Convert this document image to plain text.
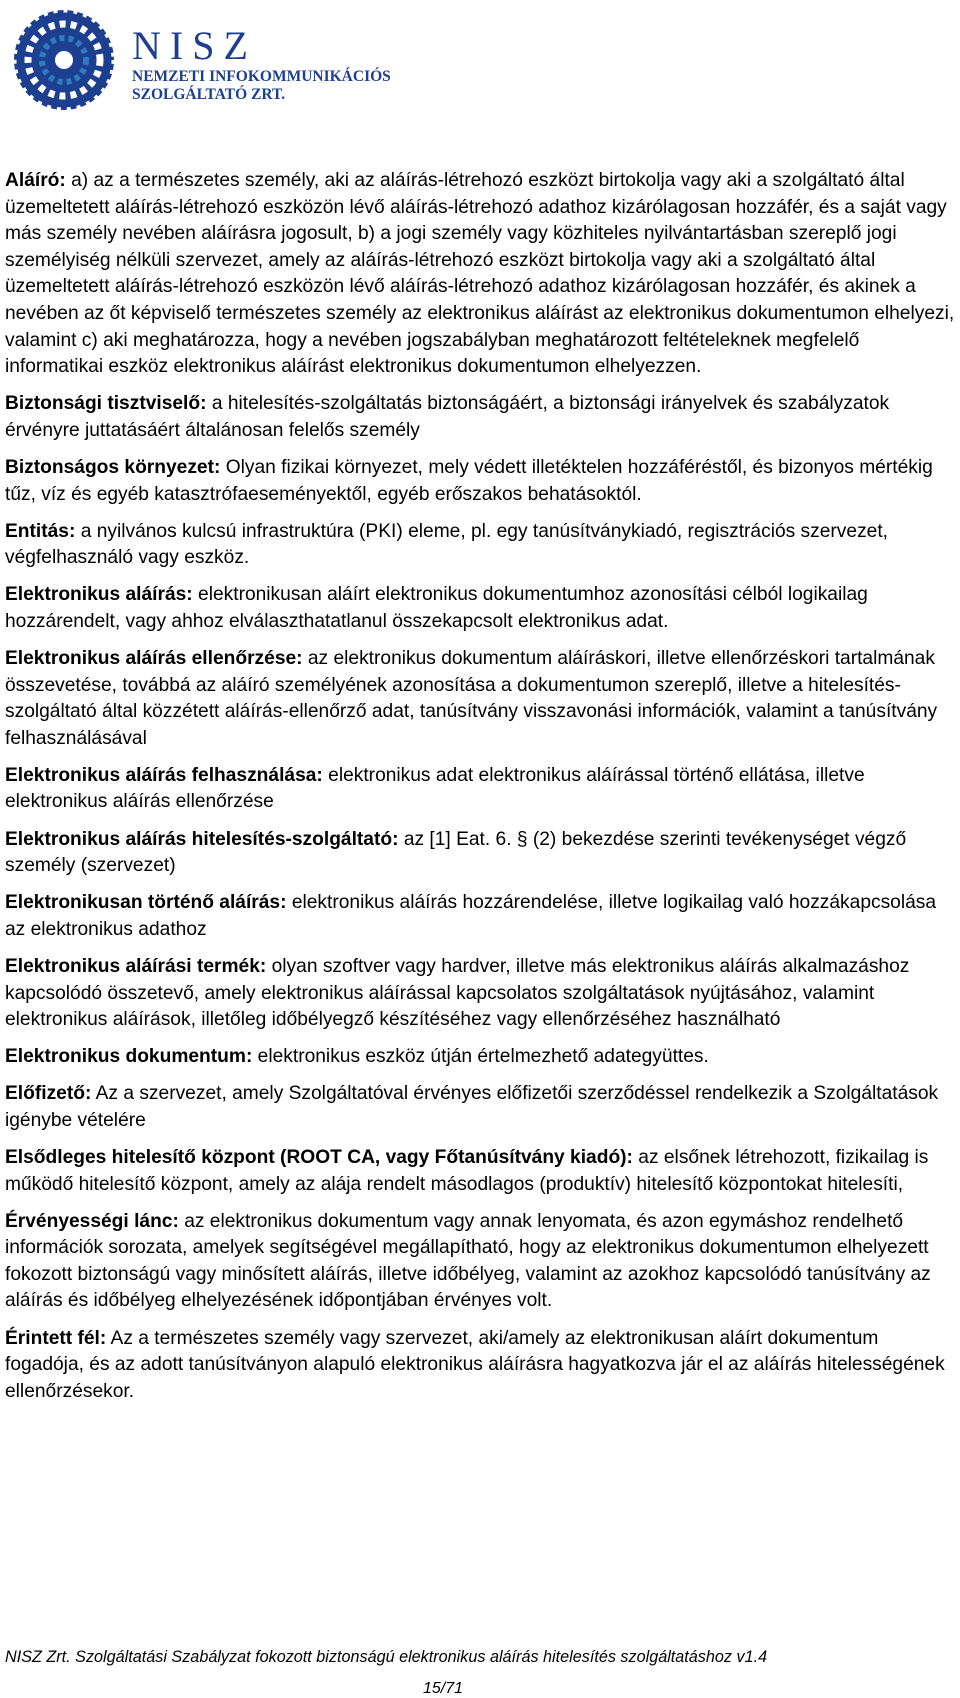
NISZ
NEMZETI INFOKOMMUNIKÁCIÓS
SZOLGÁLTATÓ ZRT.

Aláíró: a) az a természetes személy, aki az aláírás-létrehozó eszközt birtokolja vagy aki a szolgáltató által üzemeltetett aláírás-létrehozó eszközön lévő aláírás-létrehozó adathoz kizárólagosan hozzáfér, és a saját vagy más személy nevében aláírásra jogosult, b) a jogi személy vagy közhiteles nyilvántartásban szereplő jogi személyiség nélküli szervezet, amely az aláírás-létrehozó eszközt birtokolja vagy aki a szolgáltató által üzemeltetett aláírás-létrehozó eszközön lévő aláírás-létrehozó adathoz kizárólagosan hozzáfér, és akinek a nevében az őt képviselő természetes személy az elektronikus aláírást az elektronikus dokumentumon elhelyezi, valamint c) aki meghatározza, hogy a nevében jogszabályban meghatározott feltételeknek megfelelő informatikai eszköz elektronikus aláírást elektronikus dokumentumon elhelyezzen.

Biztonsági tisztviselő: a hitelesítés-szolgáltatás biztonságáért, a biztonsági irányelvek és szabályzatok érvényre juttatásáért általánosan felelős személy

Biztonságos környezet: Olyan fizikai környezet, mely védett illetéktelen hozzáféréstől, és bizonyos mértékig tűz, víz és egyéb katasztrófaeseményektől, egyéb erőszakos behatásoktól.

Entitás: a nyilvános kulcsú infrastruktúra (PKI) eleme, pl. egy tanúsítványkiadó, regisztrációs szervezet, végfelhasználó vagy eszköz.

Elektronikus aláírás: elektronikusan aláírt elektronikus dokumentumhoz azonosítási célból logikailag hozzárendelt, vagy ahhoz elválaszthatatlanul összekapcsolt elektronikus adat.

Elektronikus aláírás ellenőrzése: az elektronikus dokumentum aláíráskori, illetve ellenőrzéskori tartalmának összevetése, továbbá az aláíró személyének azonosítása a dokumentumon szereplő, illetve a hitelesítés-szolgáltató által közzétett aláírás-ellenőrző adat, tanúsítvány visszavonási információk, valamint a tanúsítvány felhasználásával

Elektronikus aláírás felhasználása: elektronikus adat elektronikus aláírással történő ellátása, illetve elektronikus aláírás ellenőrzése

Elektronikus aláírás hitelesítés-szolgáltató: az [1] Eat. 6. § (2) bekezdése szerinti tevékenységet végző személy (szervezet)

Elektronikusan történő aláírás: elektronikus aláírás hozzárendelése, illetve logikailag való hozzákapcsolása az elektronikus adathoz

Elektronikus aláírási termék: olyan szoftver vagy hardver, illetve más elektronikus aláírás alkalmazáshoz kapcsolódó összetevő, amely elektronikus aláírással kapcsolatos szolgáltatások nyújtásához, valamint elektronikus aláírások, illetőleg időbélyegző készítéséhez vagy ellenőrzéséhez használható

Elektronikus dokumentum: elektronikus eszköz útján értelmezhető adategyüttes.

Előfizető: Az a szervezet, amely Szolgáltatóval érvényes előfizetői szerződéssel rendelkezik a Szolgáltatások igénybe vételére

Elsődleges hitelesítő központ (ROOT CA, vagy Főtanúsítvány kiadó): az elsőnek létrehozott, fizikailag is működő hitelesítő központ, amely az alája rendelt másodlagos (produktív) hitelesítő központokat hitelesíti,

Érvényességi lánc: az elektronikus dokumentum vagy annak lenyomata, és azon egymáshoz rendelhető információk sorozata, amelyek segítségével megállapítható, hogy az elektronikus dokumentumon elhelyezett fokozott biztonságú vagy minősített aláírás, illetve időbélyeg, valamint az azokhoz kapcsolódó tanúsítvány az aláírás és időbélyeg elhelyezésének időpontjában érvényes volt.

Érintett fél: Az a természetes személy vagy szervezet, aki/amely az elektronikusan aláírt dokumentum fogadója, és az adott tanúsítványon alapuló elektronikus aláírásra hagyatkozva jár el az aláírás hitelességének ellenőrzésekor.

NISZ Zrt. Szolgáltatási Szabályzat fokozott biztonságú elektronikus aláírás hitelesítés szolgáltatáshoz v1.4
15/71
